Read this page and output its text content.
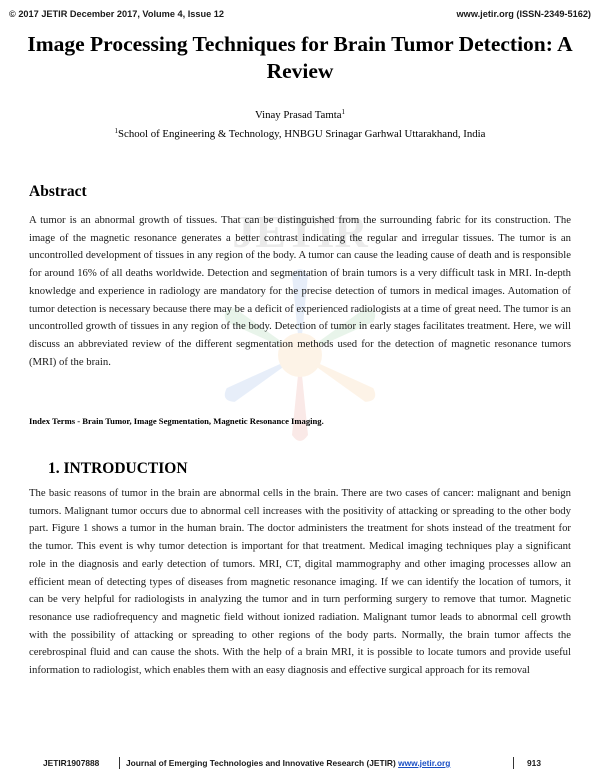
© 2017 JETIR December 2017, Volume 4, Issue 12	www.jetir.org (ISSN-2349-5162)
JETIR
Image Processing Techniques for Brain Tumor Detection: A Review
Vinay Prasad Tamta$^1$
$^1$School of Engineering & Technology, HNBGU Srinagar Garhwal Uttarakhand, India
Abstract

A tumor is an abnormal growth of tissues. That can be distinguished from the surrounding fabric for its construction. The image of the magnetic resonance generates a better contrast indicating the regular and irregular tissues. The tumor is an uncontrolled development of tissues in any region of the body. A tumor can cause the leading cause of death and is responsible for around 16% of all deaths worldwide. Detection and segmentation of brain tumors is a very difficult task in MRI. In-depth knowledge and experience in radiology are mandatory for the precise detection of tumors in medical images. Automation of tumor detection is necessary because there may be a deficit of experienced radiologists at a time of great need. The tumor is an uncontrolled growth of tissues in any region of the body. Detection of tumor in early stages facilitates treatment. Here, we will discuss an abbreviated review of the different segmentation methods used for the detection of magnetic resonance tumors (MRI) of the brain.

Index Terms - Brain Tumor, Image Segmentation, Magnetic Resonance Imaging.
1. INTRODUCTION

The basic reasons of tumor in the brain are abnormal cells in the brain. There are two cases of cancer: malignant and benign tumors. Malignant tumor occurs due to abnormal cell increases with the positivity of attacking or spreading to the other body part. Figure 1 shows a tumor in the human brain. The doctor administers the treatment for shots instead of the treatment for the tumor. This event is why tumor detection is important for that treatment. Medical imaging techniques play a significant role in the diagnosis and early detection of tumors. MRI, CT, digital mammography and other imaging processes allow an efficient mean of detecting types of diseases from magnetic resonance imaging. If we can identify the location of tumors, it can be very helpful for radiologists in analyzing the tumor and in turn performing surgery to remove that tumor. Magnetic resonance use radiofrequency and magnetic field without ionized radiation. Malignant tumor leads to abnormal cell growth with the possibility of attacking or spreading to other regions of the body parts. Normally, the brain tumor affects the cerebrospinal fluid and can cause the shots. With the help of a brain MRI, it is possible to locate tumors and provide useful information to radiologist, which enables them with an easy diagnosis and effective surgical approach for its removal

JETIR1907888	Journal of Emerging Technologies and Innovative Research (JETIR) www.jetir.org	913
